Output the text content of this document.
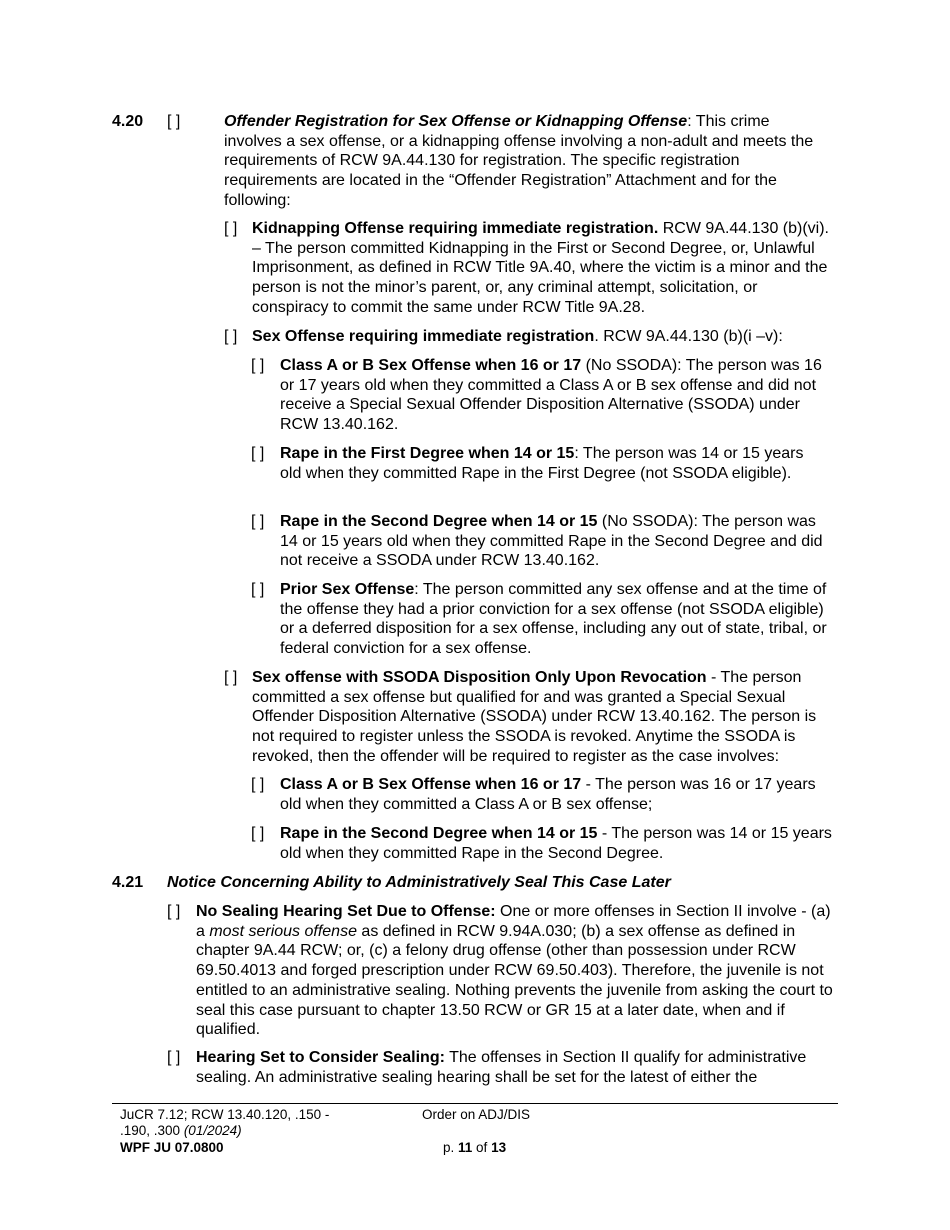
4.20 [ ]	Offender Registration for Sex Offense or Kidnapping Offense: This crime involves a sex offense, or a kidnapping offense involving a non-adult and meets the requirements of RCW 9A.44.130 for registration. The specific registration requirements are located in the “Offender Registration” Attachment and for the following:

[ ] Kidnapping Offense requiring immediate registration. RCW 9A.44.130 (b)(vi). – The person committed Kidnapping in the First or Second Degree, or, Unlawful Imprisonment, as defined in RCW Title 9A.40, where the victim is a minor and the person is not the minor’s parent, or, any criminal attempt, solicitation, or conspiracy to commit the same under RCW Title 9A.28.

[ ] Sex Offense requiring immediate registration. RCW 9A.44.130 (b)(i –v):

[ ] Class A or B Sex Offense when 16 or 17 (No SSODA): The person was 16 or 17 years old when they committed a Class A or B sex offense and did not receive a Special Sexual Offender Disposition Alternative (SSODA) under RCW 13.40.162.

[ ] Rape in the First Degree when 14 or 15: The person was 14 or 15 years old when they committed Rape in the First Degree (not SSODA eligible).

[ ] Rape in the Second Degree when 14 or 15 (No SSODA): The person was 14 or 15 years old when they committed Rape in the Second Degree and did not receive a SSODA under RCW 13.40.162.

[ ] Prior Sex Offense: The person committed any sex offense and at the time of the offense they had a prior conviction for a sex offense (not SSODA eligible) or a deferred disposition for a sex offense, including any out of state, tribal, or federal conviction for a sex offense.

[ ] Sex offense with SSODA Disposition Only Upon Revocation - The person committed a sex offense but qualified for and was granted a Special Sexual Offender Disposition Alternative (SSODA) under RCW 13.40.162. The person is not required to register unless the SSODA is revoked. Anytime the SSODA is revoked, then the offender will be required to register as the case involves:

[ ] Class A or B Sex Offense when 16 or 17 - The person was 16 or 17 years old when they committed a Class A or B sex offense;

[ ] Rape in the Second Degree when 14 or 15 - The person was 14 or 15 years old when they committed Rape in the Second Degree.

4.21 Notice Concerning Ability to Administratively Seal This Case Later
[ ] No Sealing Hearing Set Due to Offense: One or more offenses in Section II involve - (a) a most serious offense as defined in RCW 9.94A.030; (b) a sex offense as defined in chapter 9A.44 RCW; or, (c) a felony drug offense (other than possession under RCW 69.50.4013 and forged prescription under RCW 69.50.403). Therefore, the juvenile is not entitled to an administrative sealing. Nothing prevents the juvenile from asking the court to seal this case pursuant to chapter 13.50 RCW or GR 15 at a later date, when and if qualified.

[ ] Hearing Set to Consider Sealing: The offenses in Section II qualify for administrative sealing. An administrative sealing hearing shall be set for the latest of either the

JuCR 7.12; RCW 13.40.120, .150 -
.190, .300 (01/2024)
WPF JU 07.0800
Order on ADJ/DIS
p. 11 of 13
